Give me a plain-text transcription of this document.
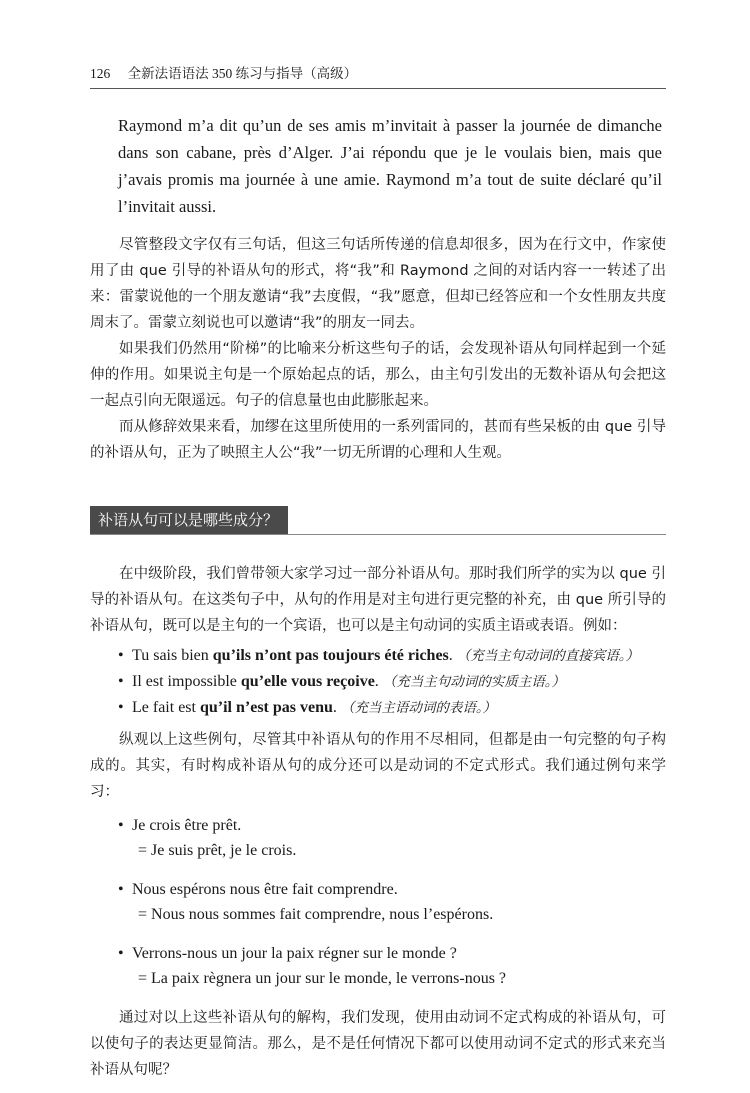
126 全新法语语法 350 练习与指导（高级）

Raymond m’a dit qu’un de ses amis m’invitait à passer la journée de dimanche dans son cabane, près d’Alger. J’ai répondu que je le voulais bien, mais que j’avais promis ma journée à une amie. Raymond m’a tout de suite déclaré qu’il l’invitait aussi.

尽管整段文字仅有三句话，但这三句话所传递的信息却很多，因为在行文中，作家使用了由 que 引导的补语从句的形式，将“我”和 Raymond 之间的对话内容一一转述了出来：雷蒙说他的一个朋友邀请“我”去度假，“我”愿意，但却已经答应和一个女性朋友共度周末了。雷蒙立刻说也可以邀请“我”的朋友一同去。

如果我们仍然用“阶梯”的比喻来分析这些句子的话，会发现补语从句同样起到一个延伸的作用。如果说主句是一个原始起点的话，那么，由主句引发出的无数补语从句会把这一起点引向无限遥远。句子的信息量也由此膨胀起来。

而从修辞效果来看，加缪在这里所使用的一系列雷同的，甚而有些呆板的由 que 引导的补语从句，正为了映照主人公“我”一切无所谓的心理和人生观。

补语从句可以是哪些成分？

在中级阶段，我们曾带领大家学习过一部分补语从句。那时我们所学的实为以 que 引导的补语从句。在这类句子中，从句的作用是对主句进行更完整的补充，由 que 所引导的补语从句，既可以是主句的一个宾语，也可以是主句动词的实质主语或表语。例如：

• Tu sais bien qu’ils n’ont pas toujours été riches. （充当主句动词的直接宾语。）
• Il est impossible qu’elle vous reçoive. （充当主句动词的实质主语。）
• Le fait est qu’il n’est pas venu. （充当主语动词的表语。）

纵观以上这些例句，尽管其中补语从句的作用不尽相同，但都是由一句完整的句子构成的。其实，有时构成补语从句的成分还可以是动词的不定式形式。我们通过例句来学习：

• Je crois être prêt.
= Je suis prêt, je le crois.
• Nous espérons nous être fait comprendre.
= Nous nous sommes fait comprendre, nous l’espérons.
• Verrons-nous un jour la paix régner sur le monde ?
= La paix règnera un jour sur le monde, le verrons-nous ?

通过对以上这些补语从句的解构，我们发现，使用由动词不定式构成的补语从句，可以使句子的表达更显简洁。那么，是不是任何情况下都可以使用动词不定式的形式来充当补语从句呢？
